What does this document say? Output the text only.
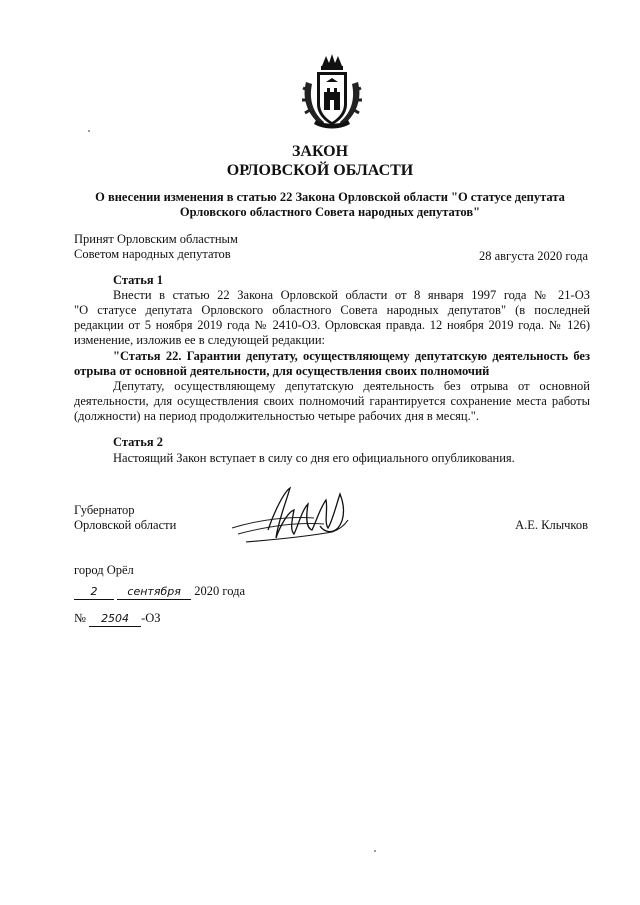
ЗАКОН
ОРЛОВСКОЙ ОБЛАСТИ
О внесении изменения в статью 22 Закона Орловской области "О статусе депутата
Орловского областного Совета народных депутатов"
Принят Орловским областным
Советом народных депутатов	28 августа 2020 года
Статья 1
Внести в статью 22 Закона Орловской области от 8 января 1997 года № 21-ОЗ
"О статусе депутата Орловского областного Совета народных депутатов" (в последней
редакции от 5 ноября 2019 года № 2410-ОЗ. Орловская правда. 12 ноября 2019 года. № 126)
изменение, изложив ее в следующей редакции:
"Статья 22. Гарантии депутату, осуществляющему депутатскую деятельность без
отрыва от основной деятельности, для осуществления своих полномочий
Депутату, осуществляющему депутатскую деятельность без отрыва от основной
деятельности, для осуществления своих полномочий гарантируется сохранение места работы
(должности) на период продолжительностью четыре рабочих дня в месяц.".
Статья 2
Настоящий Закон вступает в силу со дня его официального опубликования.
Губернатор
Орловской области	А.Е. Клычков
город Орёл
2	сентября 2020 года
№ 2504 -ОЗ
